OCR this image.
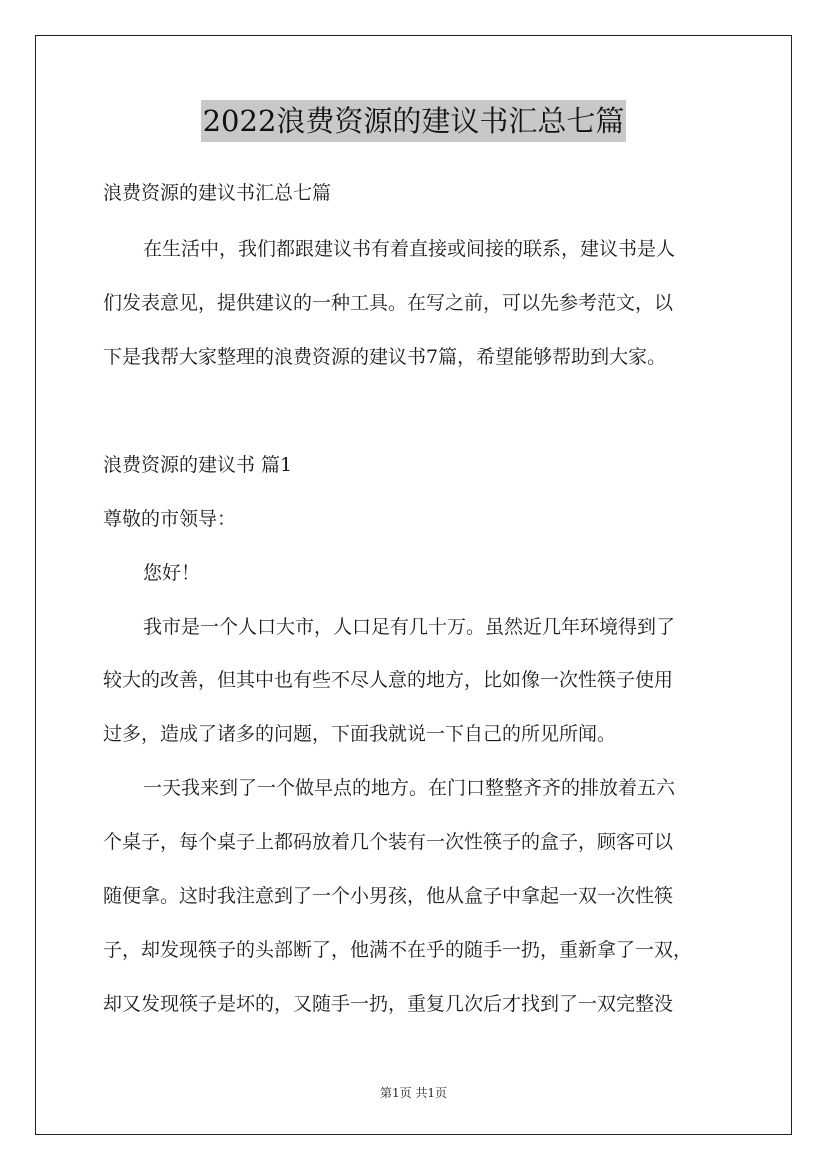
2022浪费资源的建议书汇总七篇
浪费资源的建议书汇总七篇
在生活中，我们都跟建议书有着直接或间接的联系，建议书是人
们发表意见，提供建议的一种工具。在写之前，可以先参考范文，以
下是我帮大家整理的浪费资源的建议书7篇，希望能够帮助到大家。
浪费资源的建议书 篇1
尊敬的市领导：
您好！
我市是一个人口大市，人口足有几十万。虽然近几年环境得到了
较大的改善，但其中也有些不尽人意的地方，比如像一次性筷子使用
过多，造成了诸多的问题，下面我就说一下自己的所见所闻。
一天我来到了一个做早点的地方。在门口整整齐齐的排放着五六
个桌子，每个桌子上都码放着几个装有一次性筷子的盒子，顾客可以
随便拿。这时我注意到了一个小男孩，他从盒子中拿起一双一次性筷
子，却发现筷子的头部断了，他满不在乎的随手一扔，重新拿了一双，
却又发现筷子是坏的，又随手一扔，重复几次后才找到了一双完整没
第1页 共1页
